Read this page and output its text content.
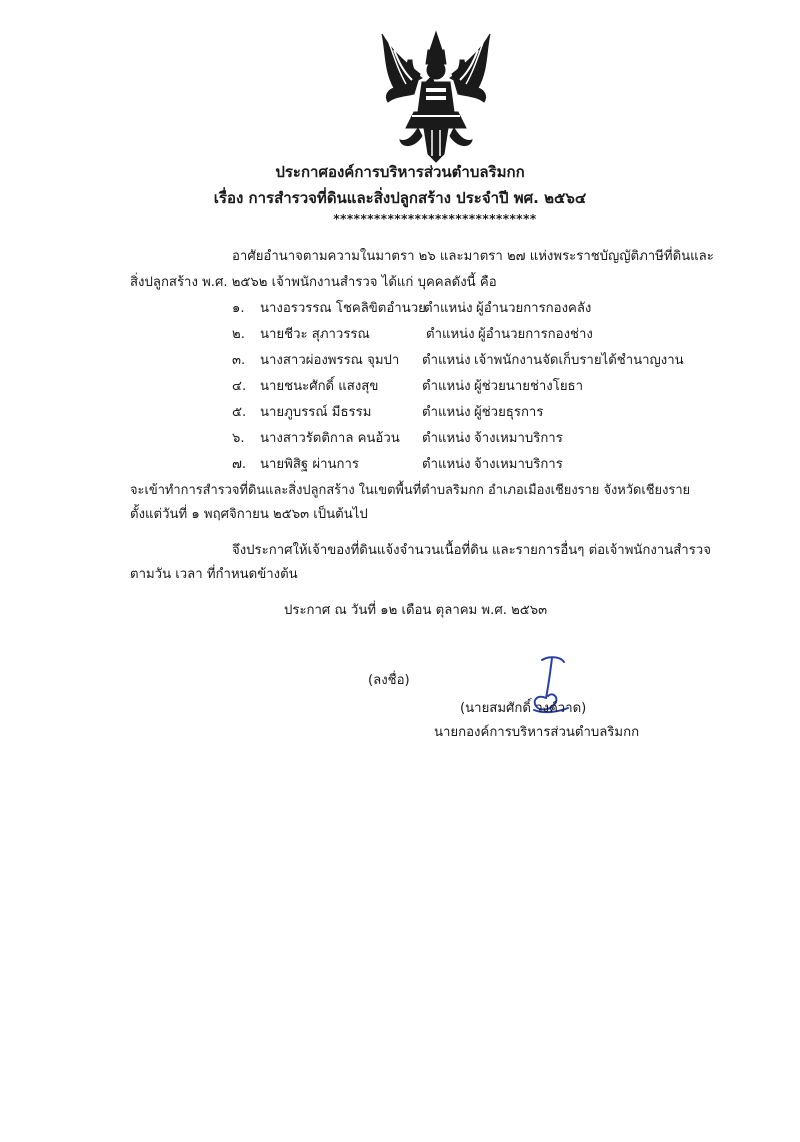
ประกาศองค์การบริหารส่วนตำบลริมกก
เรื่อง การสำรวจที่ดินและสิ่งปลูกสร้าง ประจำปี พศ. ๒๕๖๔
******************************
อาศัยอำนาจตามความในมาตรา ๒๖ และมาตรา ๒๗ แห่งพระราชบัญญัติภาษีที่ดินและ
สิ่งปลูกสร้าง พ.ศ. ๒๕๖๒ เจ้าพนักงานสำรวจ ได้แก่ บุคคลดังนี้ คือ
๑. นางอรวรรณ โชคลิขิตอำนวยตำแหน่ง ผู้อำนวยการกองคลัง
๒. นายชีวะ สุภาวรรณ	ตำแหน่ง ผู้อำนวยการกองช่าง
๓. นางสาวผ่องพรรณ จุมปา ตำแหน่ง เจ้าพนักงานจัดเก็บรายได้ชำนาญงาน
๔. นายชนะศักดิ์ แสงสุข	ตำแหน่ง ผู้ช่วยนายช่างโยธา
๕. นายภูบรรณ์ มีธรรม	ตำแหน่ง ผู้ช่วยธุรการ
๖. นางสาวรัตติกาล คนอ้วน ตำแหน่ง จ้างเหมาบริการ
๗. นายพิสิฐ ผ่านการ	ตำแหน่ง จ้างเหมาบริการ
จะเข้าทำการสำรวจที่ดินและสิ่งปลูกสร้าง ในเขตพื้นที่ตำบลริมกก อำเภอเมืองเชียงราย จังหวัดเชียงราย
ตั้งแต่วันที่ ๑ พฤศจิกายน ๒๕๖๓ เป็นต้นไป
จึงประกาศให้เจ้าของที่ดินแจ้งจำนวนเนื้อที่ดิน และรายการอื่นๆ ต่อเจ้าพนักงานสำรวจ
ตามวัน เวลา ที่กำหนดข้างต้น
ประกาศ ณ วันที่ ๑๒ เดือน ตุลาคม พ.ศ. ๒๕๖๓
(ลงชื่อ)
(นายสมศักดิ์ วงค์วาด)
นายกองค์การบริหารส่วนตำบลริมกก
